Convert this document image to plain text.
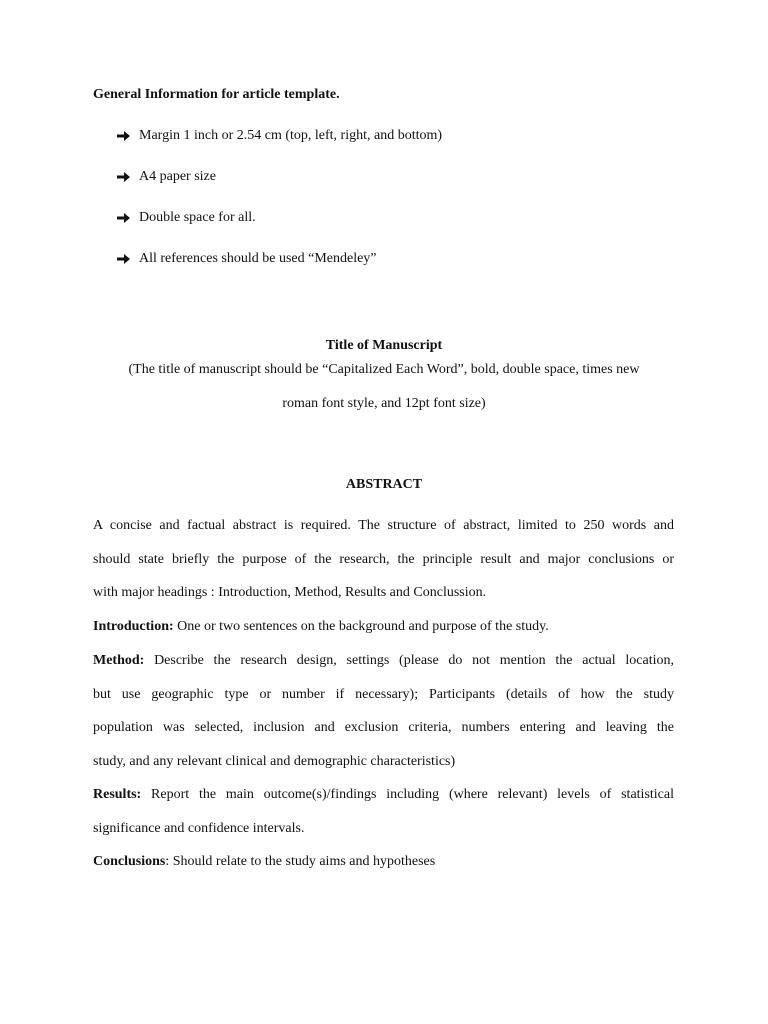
General Information for article template.
Margin 1 inch or 2.54 cm (top, left, right, and bottom)
A4 paper size
Double space for all.
All references should be used “Mendeley”
Title of Manuscript
(The title of manuscript should be “Capitalized Each Word”, bold, double space, times new
roman font style, and 12pt font size)
ABSTRACT
A concise and factual abstract is required. The structure of abstract, limited to 250 words and
should state briefly the purpose of the research, the principle result and major conclusions or
with major headings : Introduction, Method, Results and Conclussion.
Introduction: One or two sentences on the background and purpose of the study.
Method: Describe the research design, settings (please do not mention the actual location,
but use geographic type or number if necessary); Participants (details of how the study
population was selected, inclusion and exclusion criteria, numbers entering and leaving the
study, and any relevant clinical and demographic characteristics)
Results: Report the main outcome(s)/findings including (where relevant) levels of statistical
significance and confidence intervals.
Conclusions: Should relate to the study aims and hypotheses
